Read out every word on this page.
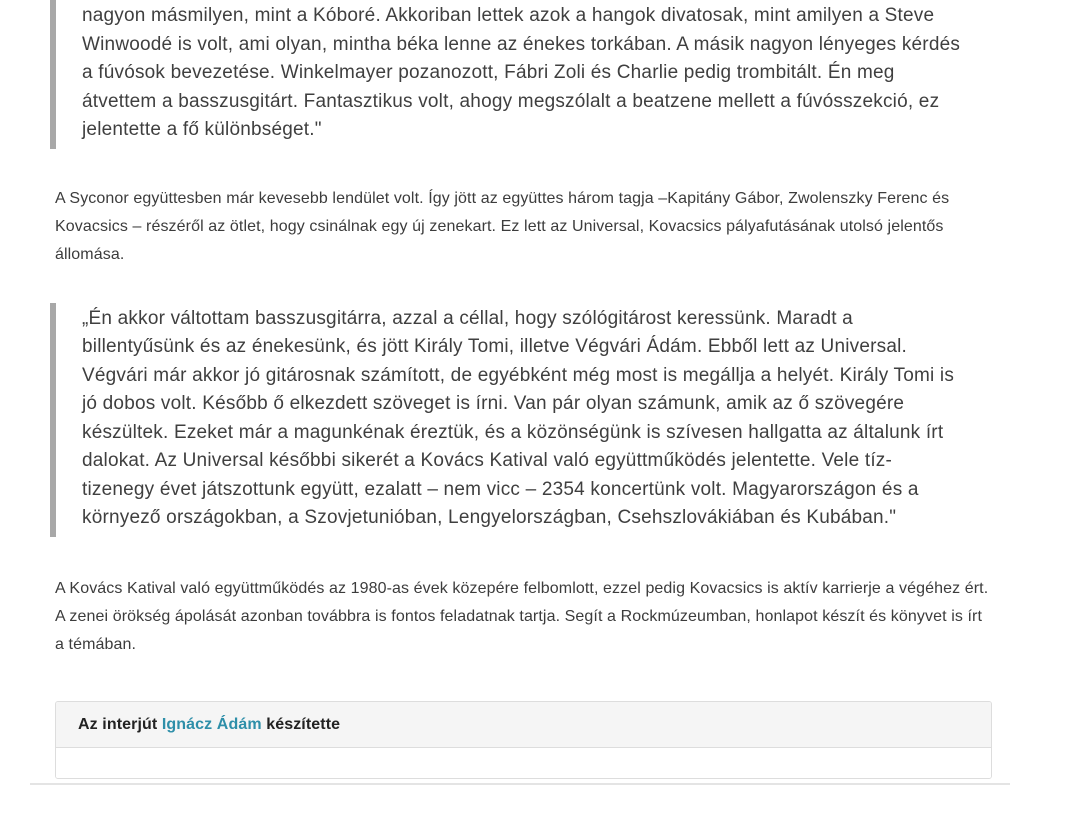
nagyon másmilyen, mint a Kóboré. Akkoriban lettek azok a hangok divatosak, mint amilyen a Steve Winwoodé is volt, ami olyan, mintha béka lenne az énekes torkában. A másik nagyon lényeges kérdés a fúvósok bevezetése. Winkelmayer pozanozott, Fábri Zoli és Charlie pedig trombitált. Én meg átvettem a basszusgitárt. Fantasztikus volt, ahogy megszólalt a beatzene mellett a fúvósszekció, ez jelentette a fő különbséget."

A Syconor együttesben már kevesebb lendület volt. Így jött az együttes három tagja –Kapitány Gábor, Zwolenszky Ferenc és Kovacsics – részéről az ötlet, hogy csinálnak egy új zenekart. Ez lett az Universal, Kovacsics pályafutásának utolsó jelentős állomása.

„Én akkor váltottam basszusgitárra, azzal a céllal, hogy szólógitárost keressünk. Maradt a billentyűsünk és az énekesünk, és jött Király Tomi, illetve Végvári Ádám. Ebből lett az Universal. Végvári már akkor jó gitárosnak számított, de egyébként még most is megállja a helyét. Király Tomi is jó dobos volt. Később ő elkezdett szöveget is írni. Van pár olyan számunk, amik az ő szövegére készültek. Ezeket már a magunkénak éreztük, és a közönségünk is szívesen hallgatta az általunk írt dalokat. Az Universal későbbi sikerét a Kovács Katival való együttműködés jelentette. Vele tíz-tizenegy évet játszottunk együtt, ezalatt – nem vicc – 2354 koncertünk volt. Magyarországon és a környező országokban, a Szovjetunióban, Lengyelországban, Csehszlovákiában és Kubában."

A Kovács Katival való együttműködés az 1980-as évek közepére felbomlott, ezzel pedig Kovacsics is aktív karrierje a végéhez ért. A zenei örökség ápolását azonban továbbra is fontos feladatnak tartja. Segít a Rockmúzeumban, honlapot készít és könyvet is írt a témában.

Az interjút Ignácz Ádám készítette
